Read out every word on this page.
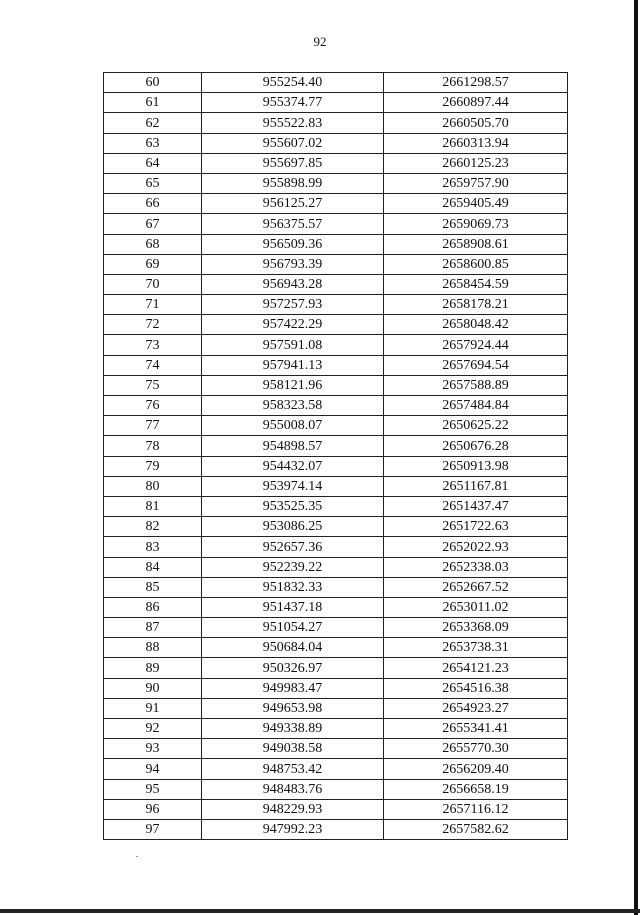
92
60	955254.40	2661298.57
61	955374.77	2660897.44
62	955522.83	2660505.70
63	955607.02	2660313.94
64	955697.85	2660125.23
65	955898.99	2659757.90
66	956125.27	2659405.49
67	956375.57	2659069.73
68	956509.36	2658908.61
69	956793.39	2658600.85
70	956943.28	2658454.59
71	957257.93	2658178.21
72	957422.29	2658048.42
73	957591.08	2657924.44
74	957941.13	2657694.54
75	958121.96	2657588.89
76	958323.58	2657484.84
77	955008.07	2650625.22
78	954898.57	2650676.28
79	954432.07	2650913.98
80	953974.14	2651167.81
81	953525.35	2651437.47
82	953086.25	2651722.63
83	952657.36	2652022.93
84	952239.22	2652338.03
85	951832.33	2652667.52
86	951437.18	2653011.02
87	951054.27	2653368.09
88	950684.04	2653738.31
89	950326.97	2654121.23
90	949983.47	2654516.38
91	949653.98	2654923.27
92	949338.89	2655341.41
93	949038.58	2655770.30
94	948753.42	2656209.40
95	948483.76	2656658.19
96	948229.93	2657116.12
97	947992.23	2657582.62
